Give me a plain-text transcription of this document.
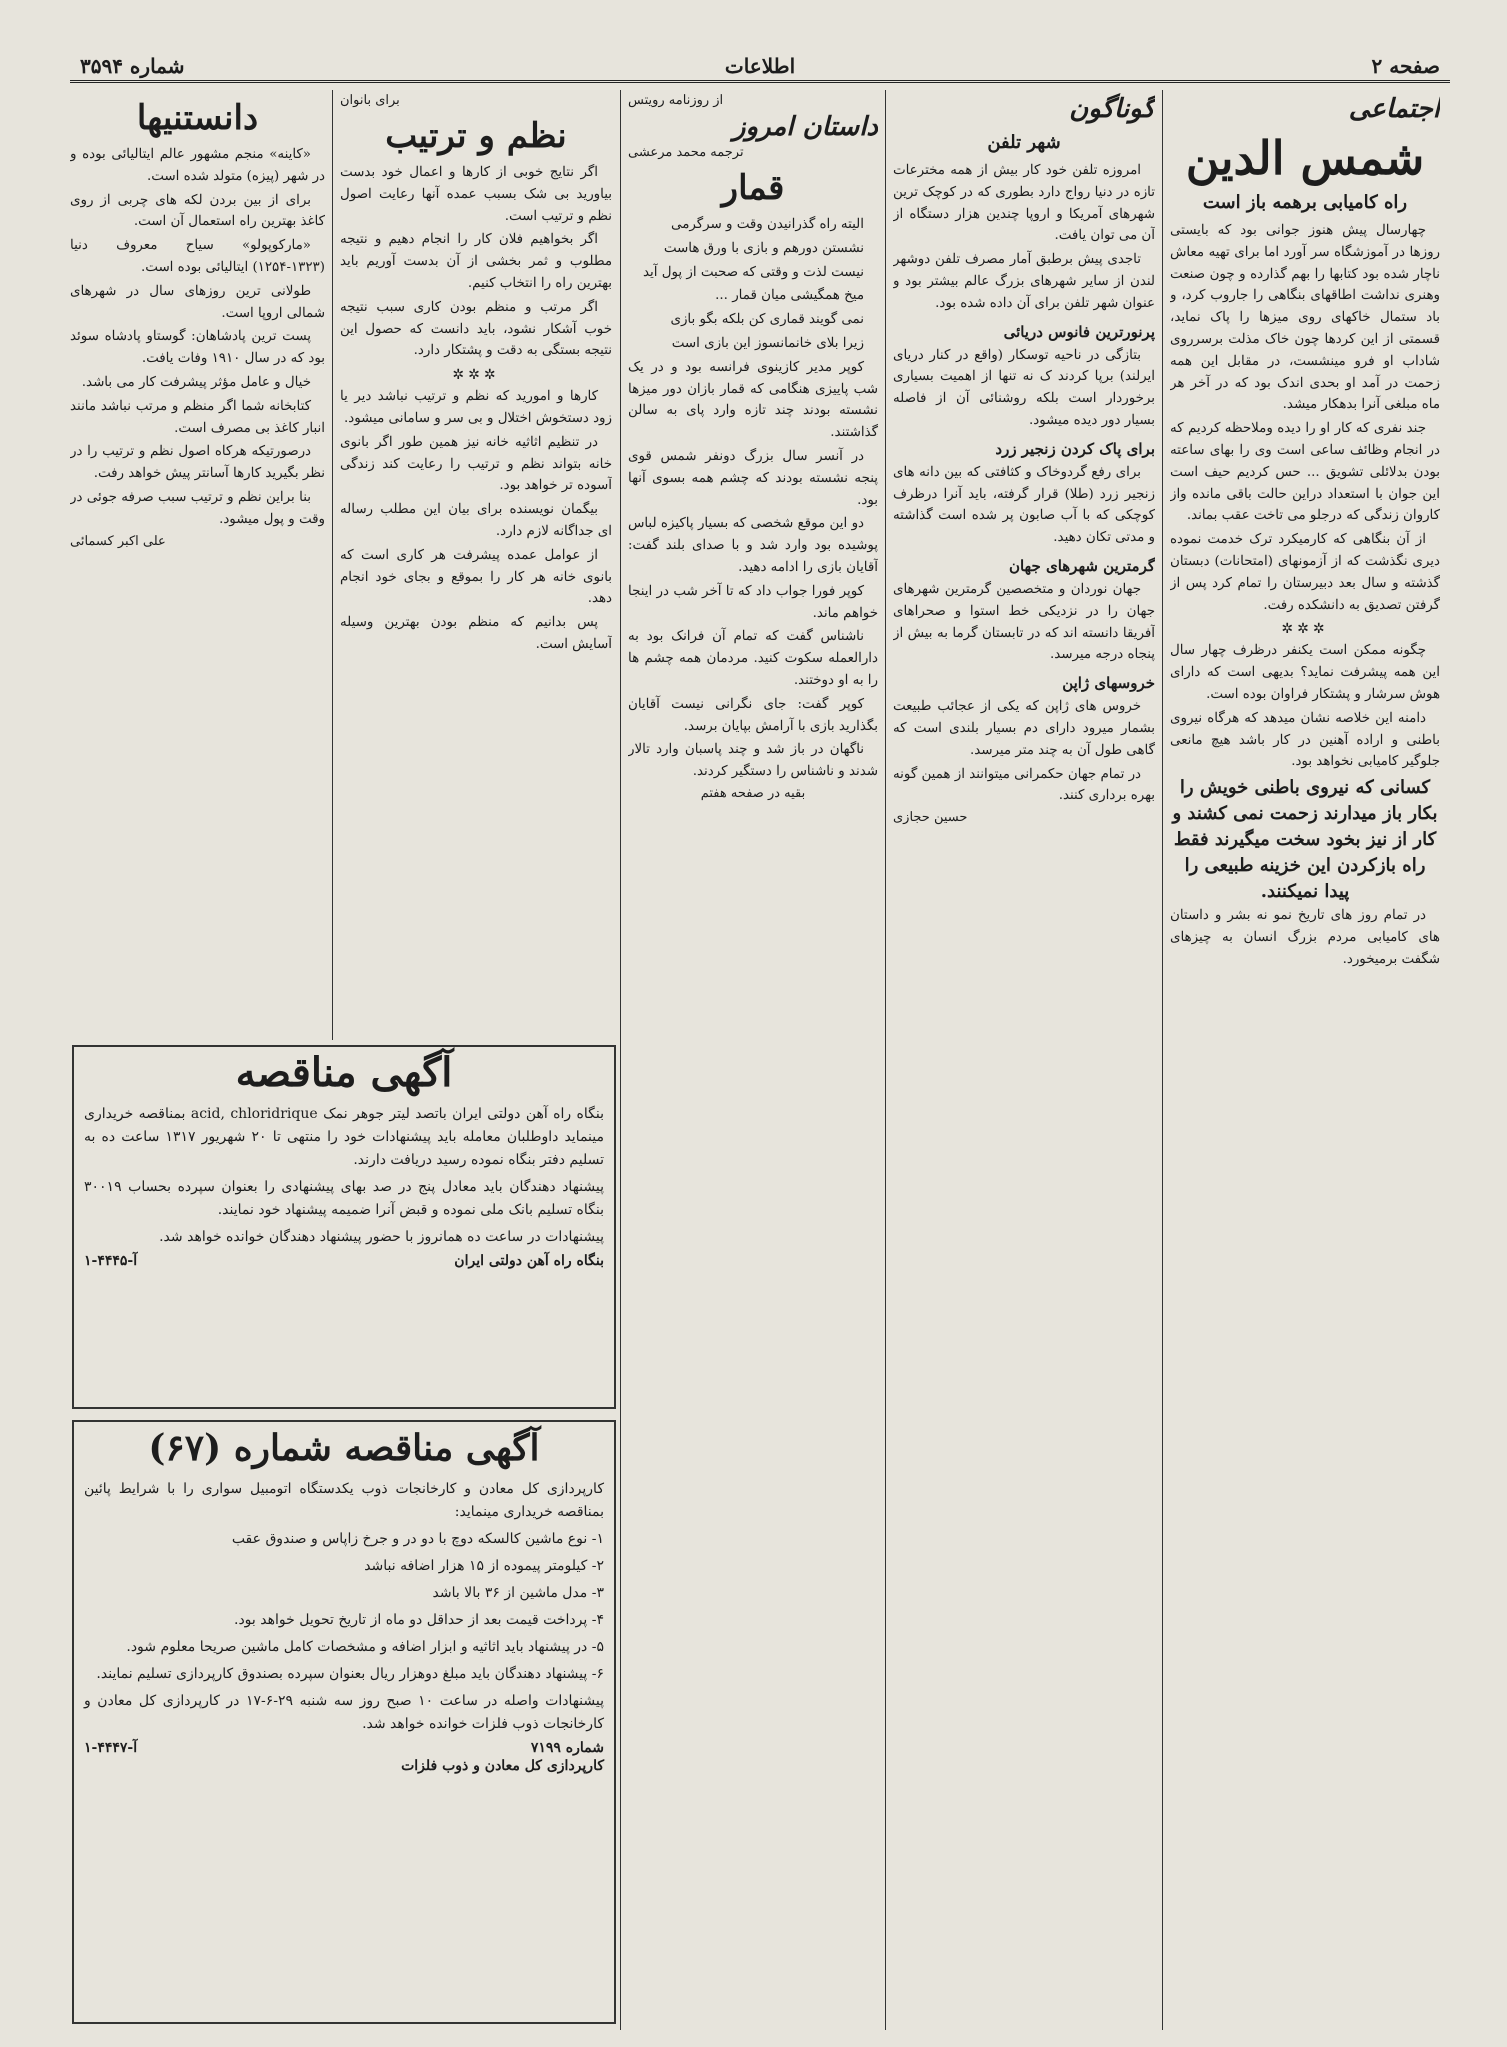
صفحه ۲
اطلاعات
شماره ۳۵۹۴
اجتماعی
شمس الدین
راه کامیابی برهمه باز است

چهارسال پیش هنوز جوانی بود که بایستی روزها در آموزشگاه سر آورد اما برای تهیه معاش ناچار شده بود کتابها را بهم گذارده و چون صنعت وهنری نداشت اطاقهای بنگاهی را جاروب کرد، و باد ستمال خاکهای روی میزها را پاک نماید، قسمتی از این کردها چون خاک مذلت برسرروی شاداب او فرو مینشست، در مقابل این همه زحمت در آمد او بحدی اندک بود که در آخر هر ماه مبلغی آنرا بدهکار میشد.

جند نفری که کار او را دیده وملاحظه کردیم که در انجام وظائف ساعی است وی را بهای ساعته بودن بدلائلی تشویق ... حس کردیم حیف است این جوان با استعداد دراین حالت باقی مانده واز کاروان زندگی که درجلو می تاخت عقب بماند.

از آن بنگاهی که کارمیکرد ترک خدمت نموده دیری نگذشت که از آزمونهای (امتحانات) دبستان گذشته و سال بعد دبیرستان را تمام کرد پس از گرفتن تصدیق به دانشکده رفت.

✲✲✲

چگونه ممکن است یکنفر درظرف چهار سال این همه پیشرفت نماید؟ بدیهی است که دارای هوش سرشار و پشتکار فراوان بوده است.

دامنه این خلاصه نشان میدهد که هرگاه نیروی باطنی و اراده آهنین در کار باشد هیچ مانعی جلوگیر کامیابی نخواهد بود.

کسانی که نیروی باطنی خویش را بکار باز میدارند زحمت نمی کشند و کار از نیز بخود سخت میگیرند فقط راه بازکردن این خزینه طبیعی را پیدا نمیکنند.

در تمام روز های تاریخ نمو نه بشر و داستان های کامیابی مردم بزرگ انسان به چیزهای شگفت برمیخورد.

گوناگون
شهر تلفن

امروزه تلفن خود کار بیش از همه مخترعات تازه در دنیا رواج دارد بطوری که در کوچک ترین شهرهای آمریکا و اروپا چندین هزار دستگاه از آن می توان یافت.

تاجدی پیش برطبق آمار مصرف تلفن دوشهر لندن از سایر شهرهای بزرگ عالم بیشتر بود و عنوان شهر تلفن برای آن داده شده بود.

پرنورترین فانوس دریائی

بتازگی در ناحیه توسکار (واقع در کنار دریای ایرلند) برپا کردند ک نه تنها از اهمیت بسیاری برخوردار است بلکه روشنائی آن از فاصله بسیار دور دیده میشود.

برای پاک کردن زنجیر زرد

برای رفع گردوخاک و کثافتی که بین دانه های زنجیر زرد (طلا) قرار گرفته، باید آنرا درظرف کوچکی که با آب صابون پر شده است گذاشته و مدتی تکان دهید.

گرمترین شهرهای جهان

جهان نوردان و متخصصین گرمترین شهرهای جهان را در نزدیکی خط استوا و صحراهای آفریقا دانسته اند که در تابستان گرما به بیش از پنجاه درجه میرسد.

خروسهای ژاپن

خروس های ژاپن که یکی از عجائب طبیعت بشمار میرود دارای دم بسیار بلندی است که گاهی طول آن به چند متر میرسد.

در تمام جهان حکمرانی میتوانند از همین گونه بهره برداری کنند.

حسین حجازی
از روزنامه رویتس
داستان امروز
ترجمه محمد مرعشی
قمار

الیته راه گذرانیدن وقت و سرگرمی

نشستن دورهم و بازی با ورق هاست

نیست لذت و وقتی که صحبت از پول آید

میخ همگیشی میان قمار ...

نمی گویند قماری کن بلکه بگو بازی

زیرا بلای خانمانسوز این بازی است

کوپر مدیر کازینوی فرانسه بود و در یک شب پاییزی هنگامی که قمار بازان دور میزها نشسته بودند چند تازه وارد پای به سالن گذاشتند.

در آنسر سال بزرگ دونفر شمس قوی پنجه نشسته بودند که چشم همه بسوی آنها بود.

دو این موقع شخصی که بسیار پاکیزه لباس پوشیده بود وارد شد و با صدای بلند گفت: آقایان بازی را ادامه دهید.

کوپر فورا جواب داد که تا آخر شب در اینجا خواهم ماند.

ناشناس گفت که تمام آن فرانک بود به دارالعمله سکوت کنید. مردمان همه چشم ها را به او دوختند.

کوپر گفت: جای نگرانی نیست آقایان بگذارید بازی با آرامش بپایان برسد.

ناگهان در باز شد و چند پاسبان وارد تالار شدند و ناشناس را دستگیر کردند.

بقیه در صفحه هفتم
برای بانوان
نظم و ترتیب

اگر نتایج خوبی از کارها و اعمال خود بدست بیاورید بی شک بسبب عمده آنها رعایت اصول نظم و ترتیب است.

اگر بخواهیم فلان کار را انجام دهیم و نتیجه مطلوب و ثمر بخشی از آن بدست آوریم باید بهترین راه را انتخاب کنیم.

اگر مرتب و منظم بودن کاری سبب نتیجه خوب آشکار نشود، باید دانست که حصول این نتیجه بستگی به دقت و پشتکار دارد.

✲✲✲

کارها و امورید که نظم و ترتیب نباشد دیر یا زود دستخوش اختلال و بی سر و سامانی میشود.

در تنظیم اثاثیه خانه نیز همین طور اگر بانوی خانه بتواند نظم و ترتیب را رعایت کند زندگی آسوده تر خواهد بود.

بیگمان نویسنده برای بیان این مطلب رساله ای جداگانه لازم دارد.

از عوامل عمده پیشرفت هر کاری است که بانوی خانه هر کار را بموقع و بجای خود انجام دهد.

پس بدانیم که منظم بودن بهترین وسیله آسایش است.

دانستنیها

«کاینه» منجم مشهور عالم ایتالیائی بوده و در شهر (پیزه) متولد شده است.

برای از بین بردن لکه های چربی از روی کاغذ بهترین راه استعمال آن است.

«مارکوپولو» سیاح معروف دنیا (۱۳۲۳-۱۲۵۴) ایتالیائی بوده است.

طولانی ترین روزهای سال در شهرهای شمالی اروپا است.

پست ترین پادشاهان: گوستاو پادشاه سوئد بود که در سال ۱۹۱۰ وفات یافت.

خیال و عامل مؤثر پیشرفت کار می باشد.

کتابخانه شما اگر منظم و مرتب نباشد مانند انبار کاغذ بی مصرف است.

درصورتیکه هرکاه اصول نظم و ترتیب را در نظر بگیرید کارها آسانتر پیش خواهد رفت.

بنا براین نظم و ترتیب سبب صرفه جوئی در وقت و پول میشود.

علی اکبر کسمائی
آگهی مناقصه
بنگاه راه آهن دولتی ایران باتصد لیتر جوهر نمک acid, chloridrique بمناقصه خریداری مینماید داوطلبان معامله باید پیشنهادات خود را منتهی تا ۲۰ شهریور ۱۳۱۷ ساعت ده به تسلیم دفتر بنگاه نموده رسید دریافت دارند.
پیشنهاد دهندگان باید معادل پنج در صد بهای پیشنهادی را بعنوان سپرده بحساب ۳۰۰۱۹ بنگاه تسلیم بانک ملی نموده و قبض آنرا ضمیمه پیشنهاد خود نمایند.
پیشنهادات در ساعت ده همانروز با حضور پیشنهاد دهندگان خوانده خواهد شد.
بنگاه راه آهن دولتی ایران
آ-۴۴۴۵-۱
آگهی مناقصه شماره (۶۷)
کارپردازی کل معادن و کارخانجات ذوب یکدستگاه اتومبیل سواری را با شرایط پائین بمناقصه خریداری مینماید:
۱- نوع ماشین کالسکه دوچ با دو در و جرخ زاپاس و صندوق عقب
۲- کیلومتر پیموده از ۱۵ هزار اضافه نباشد
۳- مدل ماشین از ۳۶ بالا باشد
۴- پرداخت قیمت بعد از حداقل دو ماه از تاریخ تحویل خواهد بود.
۵- در پیشنهاد باید اثاثیه و ابزار اضافه و مشخصات کامل ماشین صریحا معلوم شود.
۶- پیشنهاد دهندگان باید مبلغ دوهزار ریال بعنوان سپرده بصندوق کارپردازی تسلیم نمایند.
پیشنهادات واصله در ساعت ۱۰ صبح روز سه شنبه ۲۹-۶-۱۷ در کارپردازی کل معادن و کارخانجات ذوب فلزات خوانده خواهد شد.
شماره ۷۱۹۹
آ-۴۴۴۷-۱
کارپردازی کل معادن و ذوب فلزات
